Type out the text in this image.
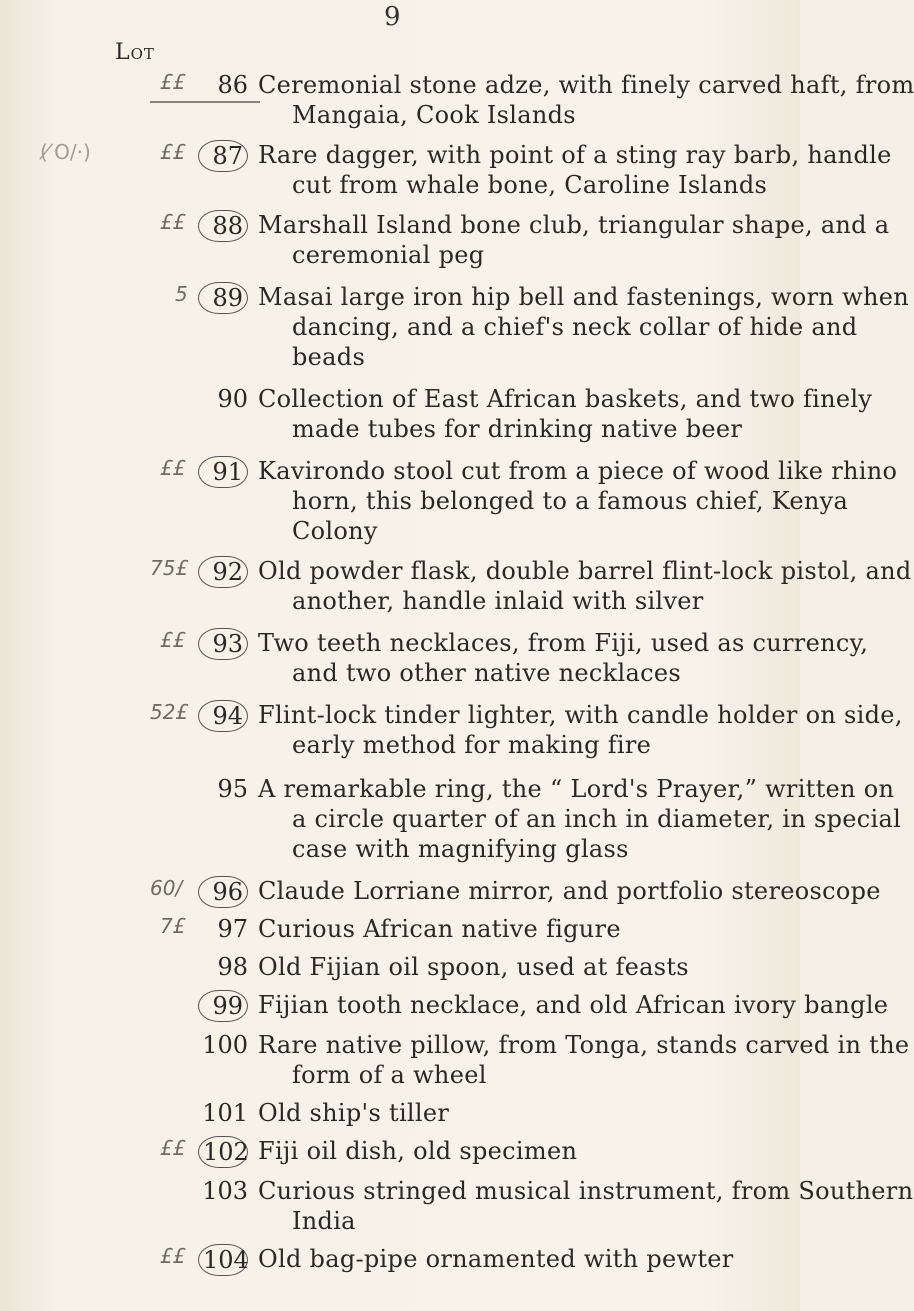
9
Lot
££	86 Ceremonial stone adze, with finely carved haft, from
Mangaia, Cook Islands
( ̸O/·)	££	87 Rare dagger, with point of a sting ray barb, handle
cut from whale bone, Caroline Islands
££	88 Marshall Island bone club, triangular shape, and a
ceremonial peg
5	89 Masai large iron hip bell and fastenings, worn when
dancing, and a chief's neck collar of hide and
beads
90 Collection of East African baskets, and two finely
made tubes for drinking native beer
££	91 Kavirondo stool cut from a piece of wood like rhino
horn, this belonged to a famous chief, Kenya
Colony
75£	92 Old powder flask, double barrel flint-lock pistol, and
another, handle inlaid with silver
££	93 Two teeth necklaces, from Fiji, used as currency,
and two other native necklaces
52£	94 Flint-lock tinder lighter, with candle holder on side,
early method for making fire
95 A remarkable ring, the “ Lord's Prayer,” written on
a circle quarter of an inch in diameter, in special
case with magnifying glass
60/	96 Claude Lorriane mirror, and portfolio stereoscope
7£	97 Curious African native figure
98 Old Fijian oil spoon, used at feasts
99 Fijian tooth necklace, and old African ivory bangle
100 Rare native pillow, from Tonga, stands carved in the
form of a wheel
101 Old ship's tiller
££ 102 Fiji oil dish, old specimen
103 Curious stringed musical instrument, from Southern
India
££ 104 Old bag-pipe ornamented with pewter
